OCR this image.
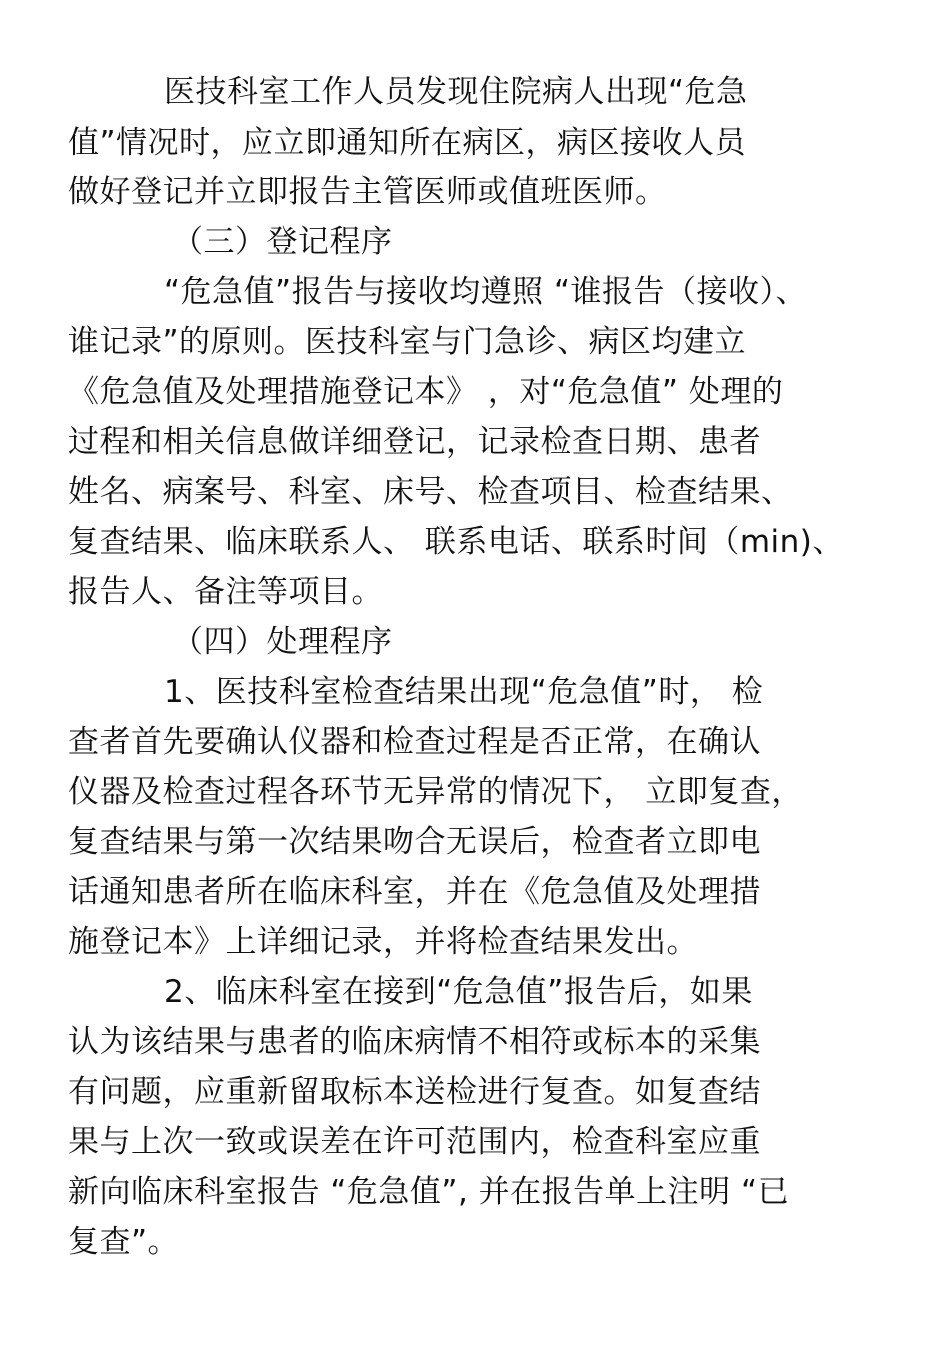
医技科室工作人员发现住院病人出现“危急
值”情况时，应立即通知所在病区，病区接收人员
做好登记并立即报告主管医师或值班医师。
（三）登记程序
“危急值”报告与接收均遵照 “谁报告（接收）、
谁记录”的原则。医技科室与门急诊、病区均建立
《危急值及处理措施登记本》 ，对“危急值” 处理的
过程和相关信息做详细登记，记录检查日期、患者
姓名、病案号、科室、床号、检查项目、检查结果、
复查结果、临床联系人、 联系电话、联系时间（min)、
报告人、备注等项目。
（四）处理程序
1、医技科室检查结果出现“危急值”时， 检
查者首先要确认仪器和检查过程是否正常，在确认
仪器及检查过程各环节无异常的情况下， 立即复查，
复查结果与第一次结果吻合无误后，检查者立即电
话通知患者所在临床科室，并在《危急值及处理措
施登记本》上详细记录，并将检查结果发出。
2、临床科室在接到“危急值”报告后，如果
认为该结果与患者的临床病情不相符或标本的采集
有问题，应重新留取标本送检进行复查。如复查结
果与上次一致或误差在许可范围内，检查科室应重
新向临床科室报告 “危急值”, 并在报告单上注明 “已
复查”。
